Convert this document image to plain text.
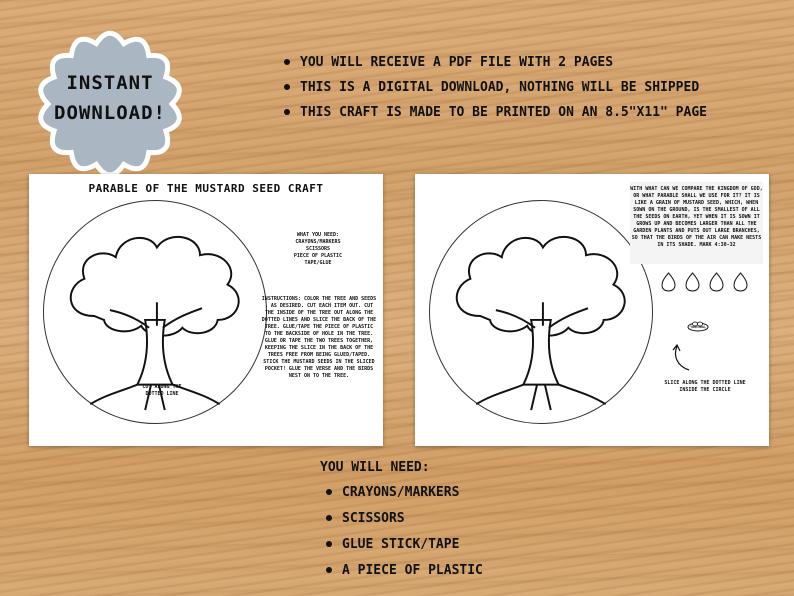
INSTANT
DOWNLOAD!
YOU WILL RECEIVE A PDF FILE WITH 2 PAGES
THIS IS A DIGITAL DOWNLOAD, NOTHING WILL BE SHIPPED
THIS CRAFT IS MADE TO BE PRINTED ON AN 8.5"X11" PAGE
PARABLE OF THE MUSTARD SEED CRAFT
CUT ALONG THE DOTTED LINE
WHAT YOU NEED:
CRAYONS/MARKERS
SCISSORS
PIECE OF PLASTIC
TAPE/GLUE
INSTRUCTIONS: COLOR THE TREE AND SEEDS , AS DESIRED. CUT EACH ITEM OUT. CUT THE INSIDE OF THE TREE OUT ALONG THE DOTTED LINES AND SLICE THE BACK OF THE TREE. GLUE/TAPE THE PIECE OF PLASTIC TO THE BACKSIDE OF HOLE IN THE TREE. GLUE OR TAPE THE TWO TREES TOGETHER, KEEPING THE SLICE IN THE BACK OF THE TREES FREE FROM BEING GLUED/TAPED. STICK THE MUSTARD SEEDS IN THE SLICED POCKET! GLUE THE VERSE AND THE BIRDS NEST ON TO THE TREE.
WITH WHAT CAN WE COMPARE THE KINGDOM OF GOD, OR WHAT PARABLE SHALL WE USE FOR IT? IT IS LIKE A GRAIN OF MUSTARD SEED, WHICH, WHEN SOWN ON THE GROUND, IS THE SMALLEST OF ALL THE SEEDS ON EARTH, YET WHEN IT IS SOWN IT GROWS UP AND BECOMES LARGER THAN ALL THE GARDEN PLANTS AND PUTS OUT LARGE BRANCHES, SO THAT THE BIRDS OF THE AIR CAN MAKE NESTS IN ITS SHADE. MARK 4:30-32
SLICE ALONG THE DOTTED LINE INSIDE THE CIRCLE
YOU WILL NEED:
CRAYONS/MARKERS
SCISSORS
GLUE STICK/TAPE
A PIECE OF PLASTIC
